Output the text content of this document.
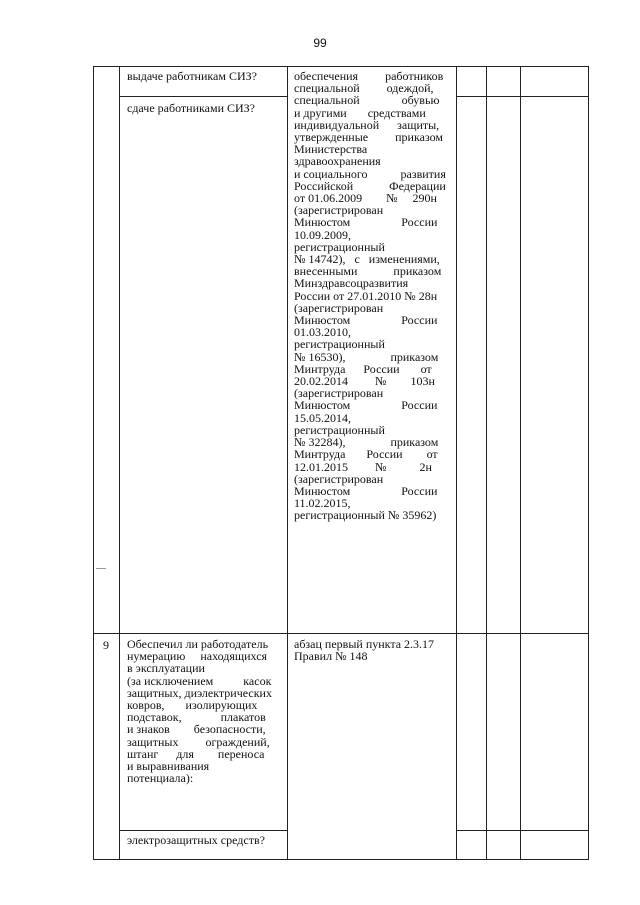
99
выдаче работникам СИЗ?
сдаче работниками СИЗ?
обеспечения         работников
специальной         одеждой,
специальной              обувью
и другими       средствами
индивидуальной      защиты,
утвержденные         приказом
Министерства
здравоохранения
и социального           развития
Российской            Федерации
от 01.06.2009        №     290н
(зарегистрирован
Минюстом                 России
10.09.2009,
регистрационный
№ 14742),   с   изменениями,
внесенными            приказом
Минздравсоцразвития
России от 27.01.2010 № 28н
(зарегистрирован
Минюстом                 России
01.03.2010,
регистрационный
№ 16530),               приказом
Минтруда      России       от
20.02.2014         №        103н
(зарегистрирован
Минюстом                 России
15.05.2014,
регистрационный
№ 32284),               приказом
Минтруда       России        от
12.01.2015         №           2н
(зарегистрирован
Минюстом                 России
11.02.2015,
регистрационный № 35962)
9 Обеспечил ли работодатель
нумерацию     находящихся
в эксплуатации
(за исключением          касок
защитных, диэлектрических
ковров,       изолирующих
подставок,             плакатов
и знаков        безопасности,
защитных         ограждений,
штанг      для        переноса
и выравнивания
потенциала):
электрозащитных средств?
абзац первый пункта 2.3.17
Правил № 148
